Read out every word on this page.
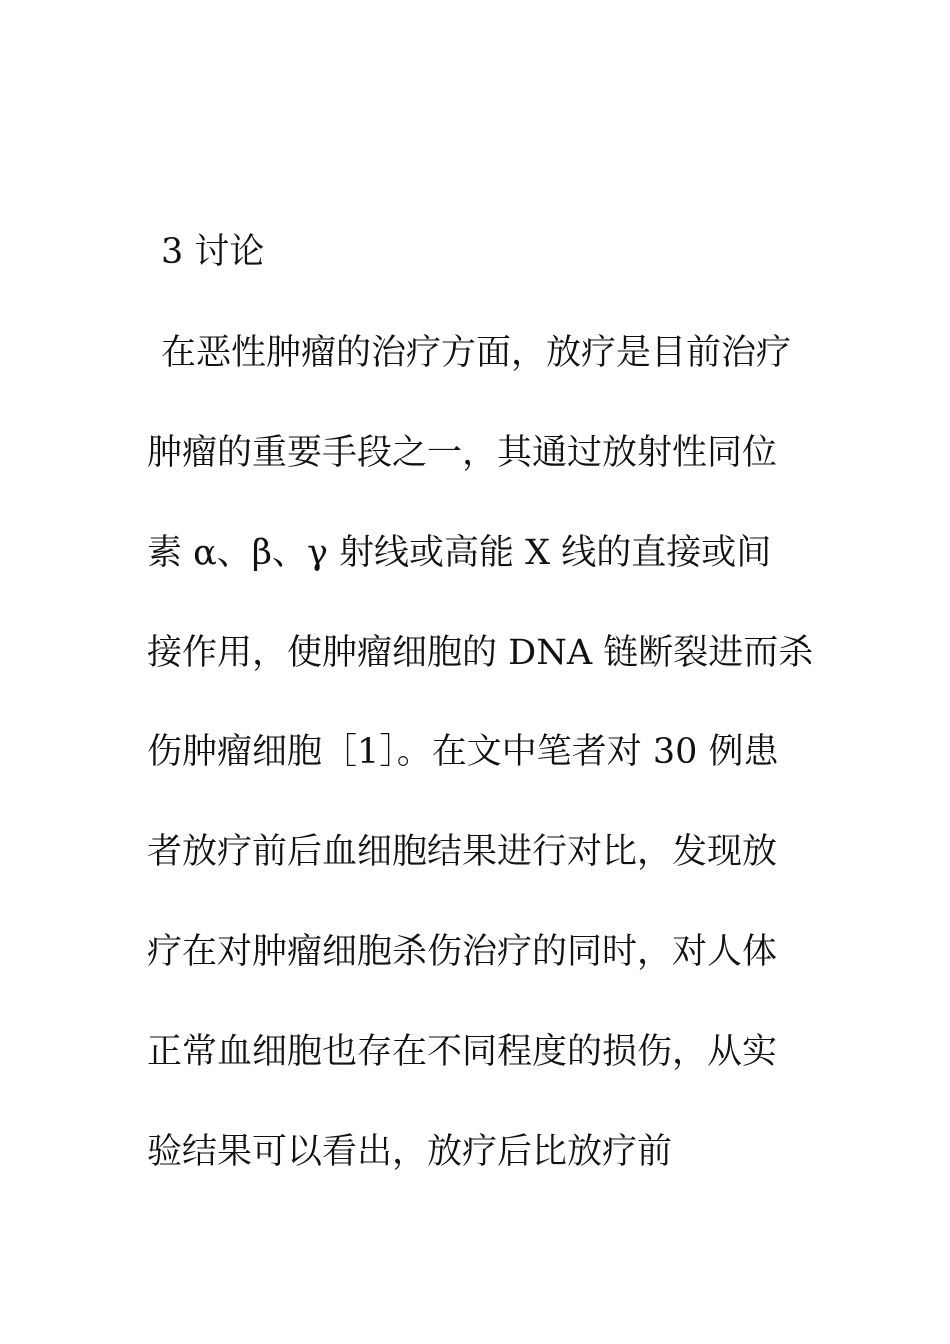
3 讨论
在恶性肿瘤的治疗方面，放疗是目前治疗
肿瘤的重要手段之一，其通过放射性同位
素 α、β、γ 射线或高能 X 线的直接或间
接作用，使肿瘤细胞的 DNA 链断裂进而杀
伤肿瘤细胞［1］。在文中笔者对 30 例患
者放疗前后血细胞结果进行对比，发现放
疗在对肿瘤细胞杀伤治疗的同时，对人体
正常血细胞也存在不同程度的损伤，从实
验结果可以看出，放疗后比放疗前
